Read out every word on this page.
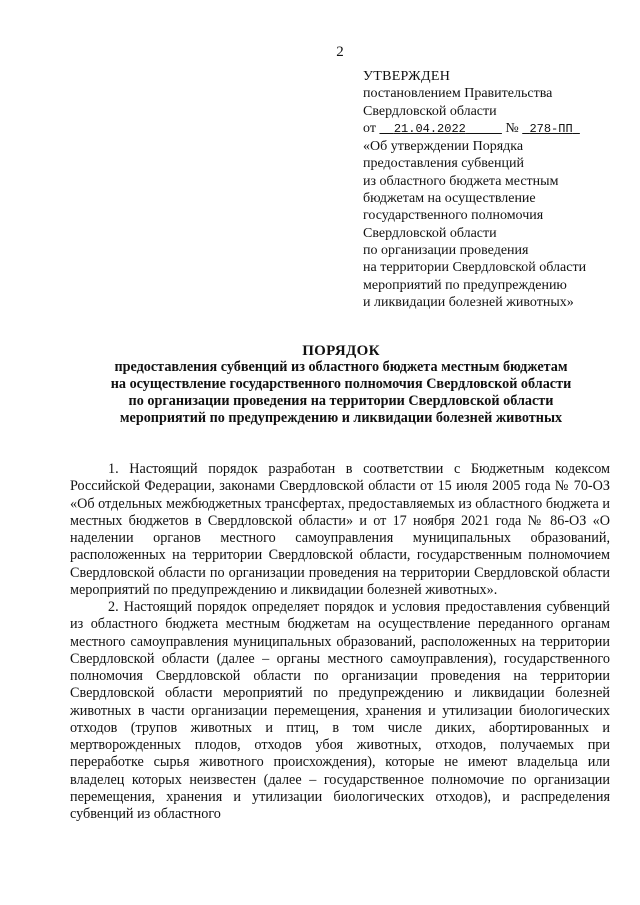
2
УТВЕРЖДЕН
постановлением Правительства
Свердловской области
от 21.04.2022	№ 278-ПП
«Об утверждении Порядка
предоставления субвенций
из областного бюджета местным
бюджетам на осуществление
государственного полномочия
Свердловской области
по организации проведения
на территории Свердловской области
мероприятий по предупреждению
и ликвидации болезней животных»
ПОРЯДОК
предоставления субвенций из областного бюджета местным бюджетам
на осуществление государственного полномочия Свердловской области
по организации проведения на территории Свердловской области
мероприятий по предупреждению и ликвидации болезней животных

1. Настоящий порядок разработан в соответствии с Бюджетным кодексом Российской Федерации, законами Свердловской области от 15 июля 2005 года № 70-ОЗ «Об отдельных межбюджетных трансфертах, предоставляемых из областного бюджета и местных бюджетов в Свердловской области» и от 17 ноября 2021 года № 86-ОЗ «О наделении органов местного самоуправления муниципальных образований, расположенных на территории Свердловской области, государственным полномочием Свердловской области по организации проведения на территории Свердловской области мероприятий по предупреждению и ликвидации болезней животных».

2. Настоящий порядок определяет порядок и условия предоставления субвенций из областного бюджета местным бюджетам на осуществление переданного органам местного самоуправления муниципальных образований, расположенных на территории Свердловской области (далее – органы местного самоуправления), государственного полномочия Свердловской области по организации проведения на территории Свердловской области мероприятий по предупреждению и ликвидации болезней животных в части организации перемещения, хранения и утилизации биологических отходов (трупов животных и птиц, в том числе диких, абортированных и мертворожденных плодов, отходов убоя животных, отходов, получаемых при переработке сырья животного происхождения), которые не имеют владельца или владелец которых неизвестен (далее – государственное полномочие по организации перемещения, хранения и утилизации биологических отходов), и распределения субвенций из областного
